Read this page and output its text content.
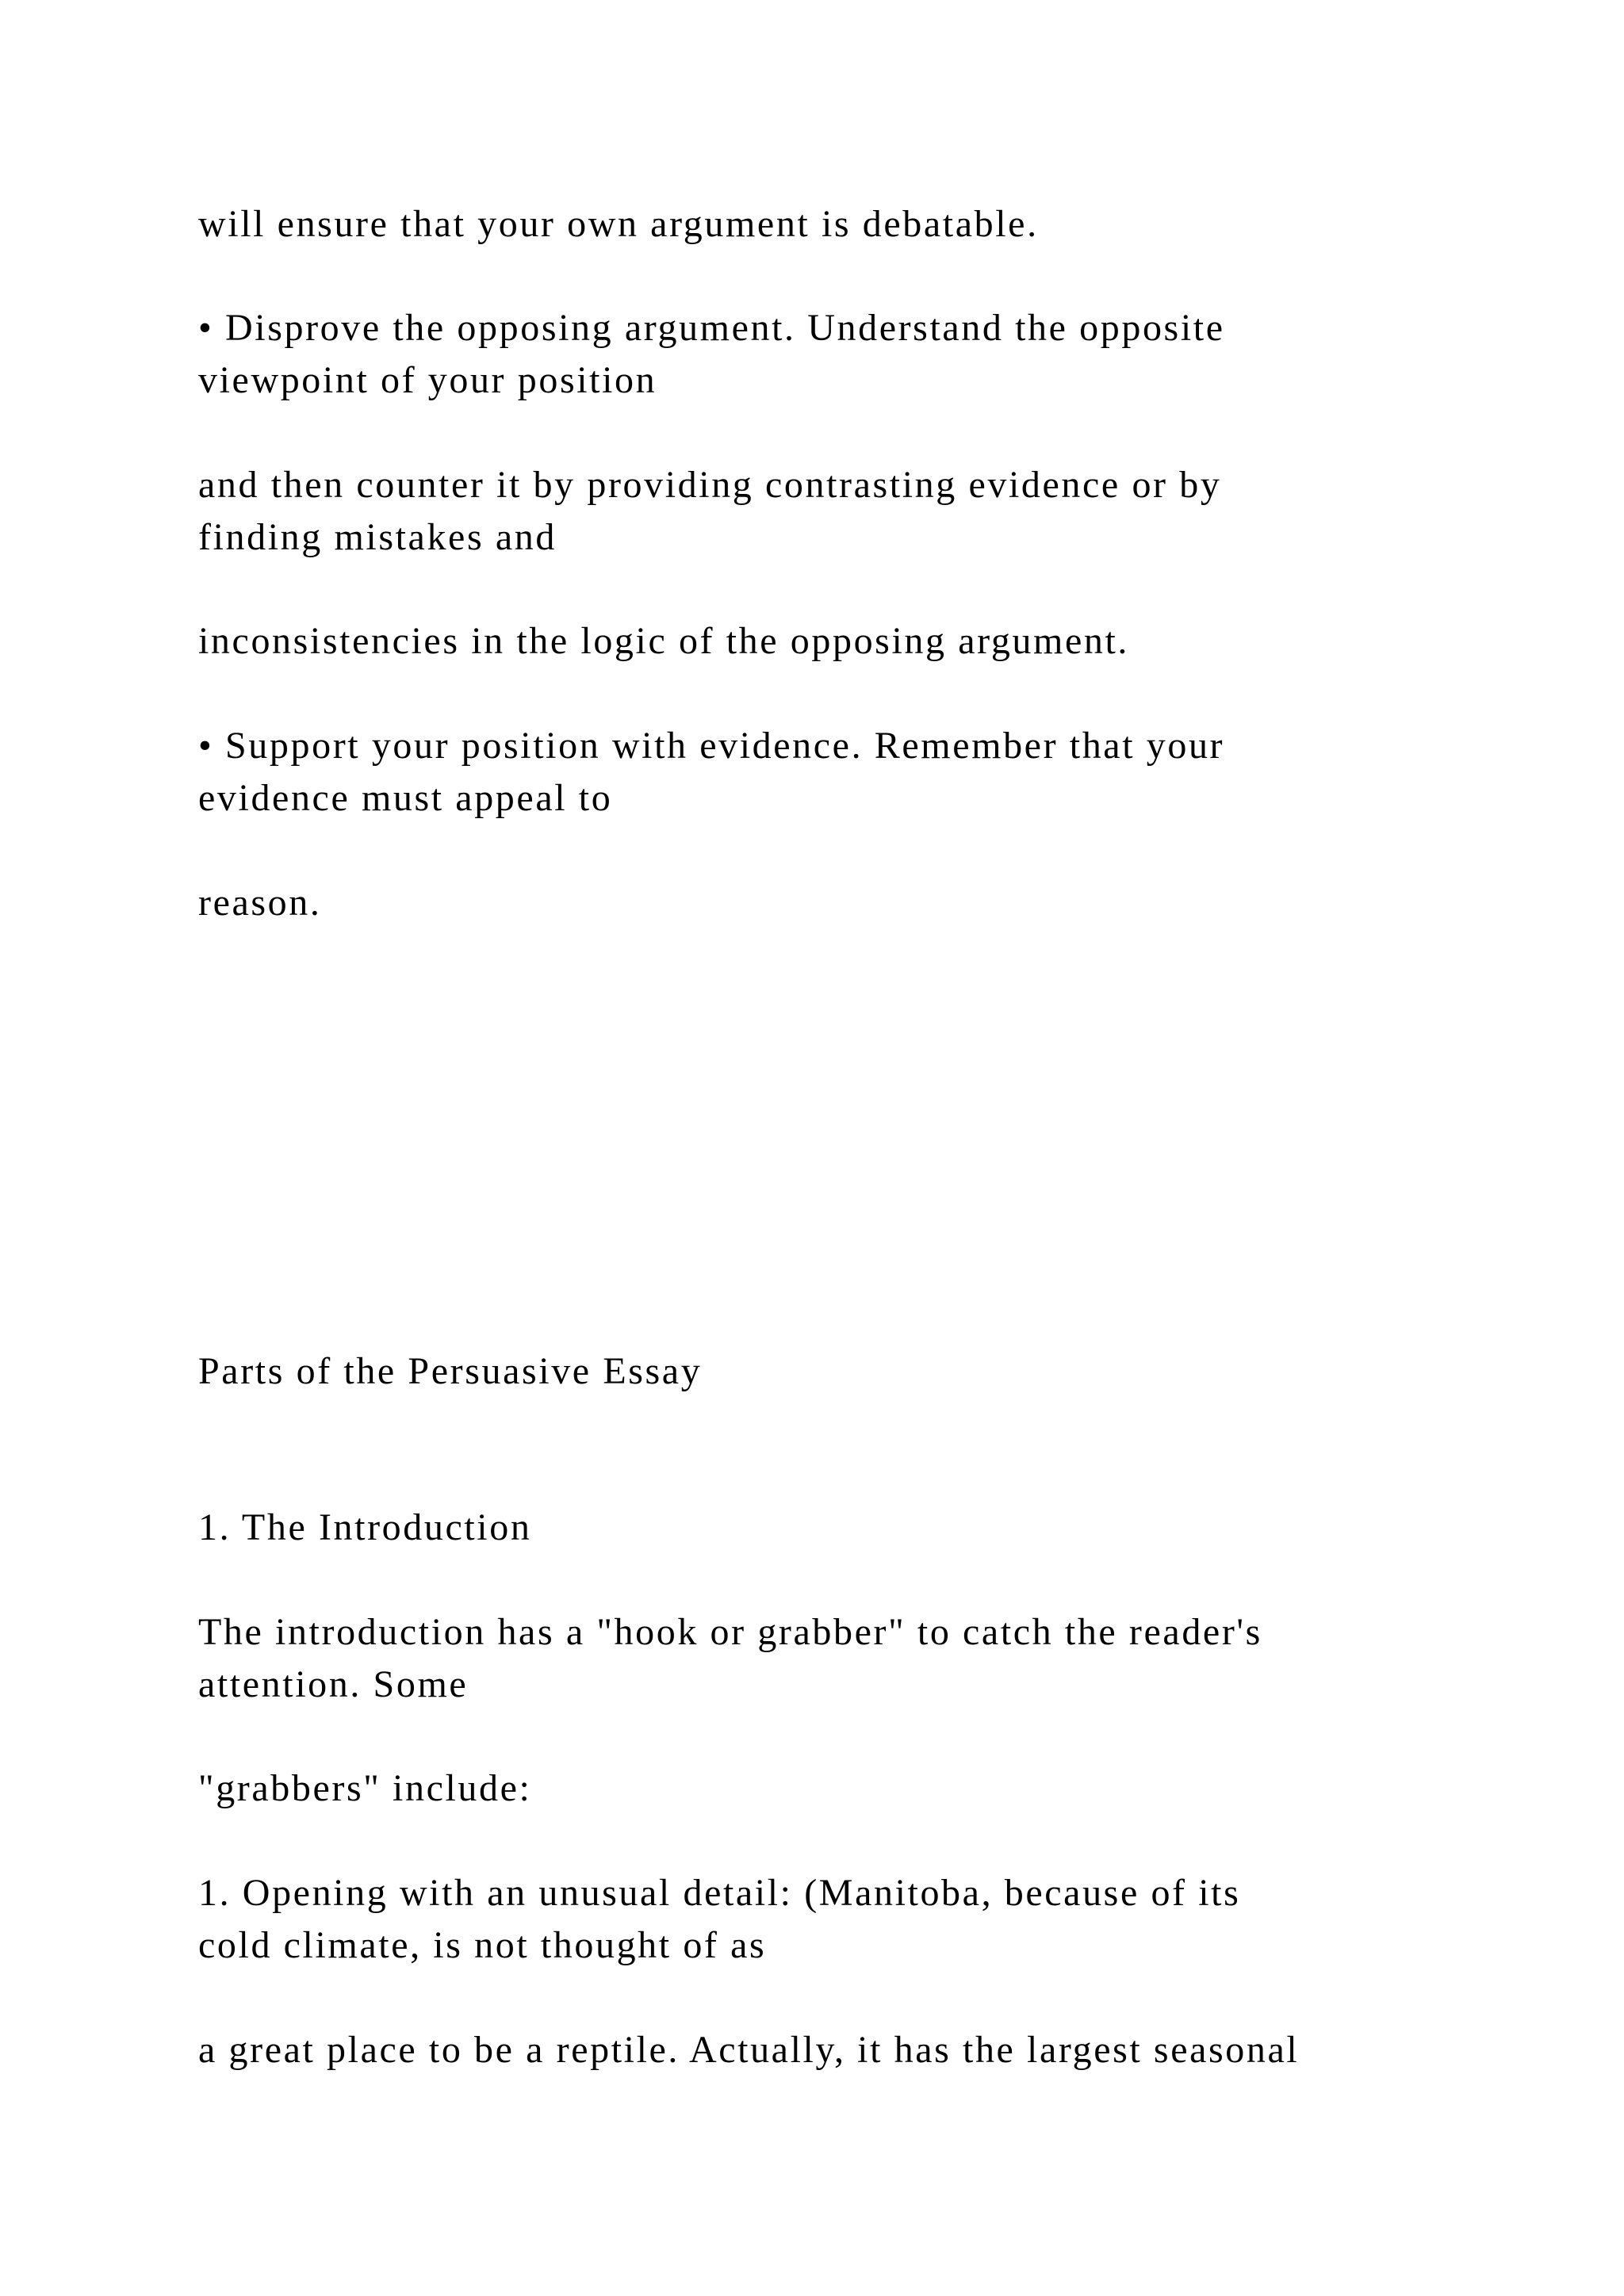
will ensure that your own argument is debatable.

• Disprove the opposing argument. Understand the opposite

viewpoint of your position

and then counter it by providing contrasting evidence or by

finding mistakes and

inconsistencies in the logic of the opposing argument.

• Support your position with evidence. Remember that your

evidence must appeal to

reason.

Parts of the Persuasive Essay

1. The Introduction

The introduction has a "hook or grabber" to catch the reader's

attention. Some

"grabbers" include:

1. Opening with an unusual detail: (Manitoba, because of its

cold climate, is not thought of as

a great place to be a reptile. Actually, it has the largest seasonal
